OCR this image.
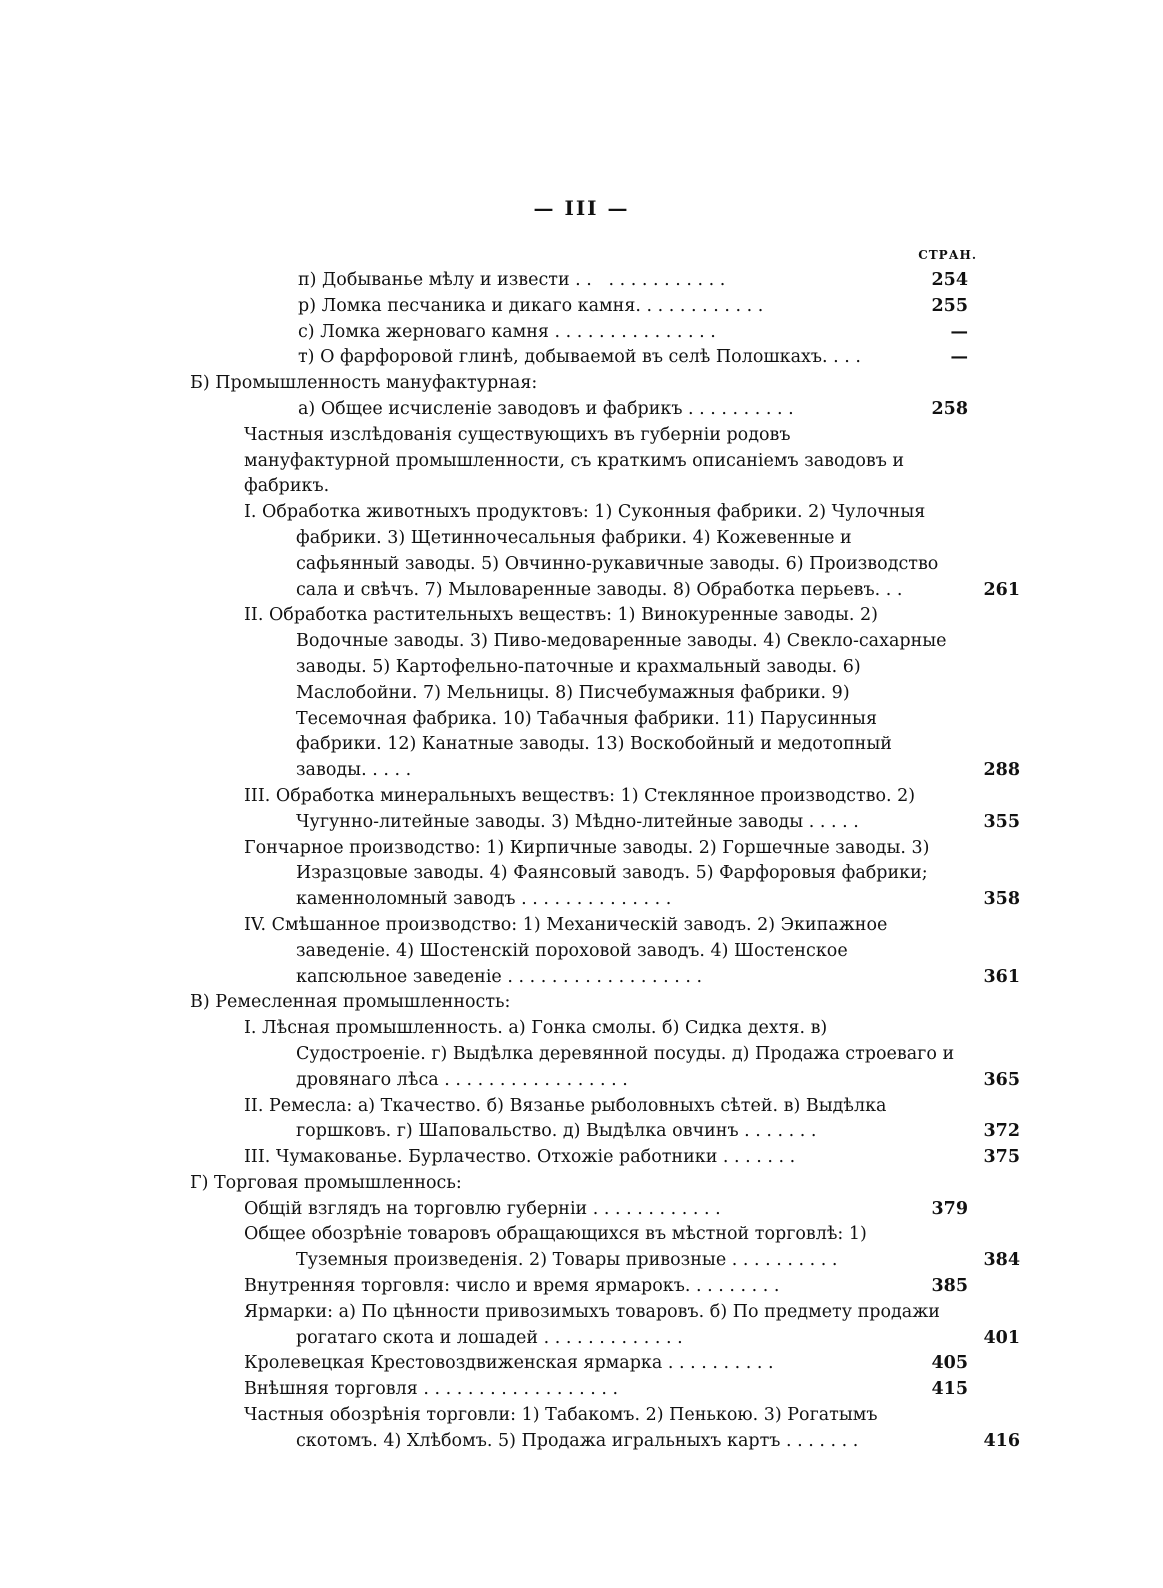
— III —
СТРАН.
п) Добыванье мѣлу и извести . .   . . . . . . . . . . .	254
р) Ломка песчаника и дикаго камня. . . . . . . . . . . .	255
с) Ломка жерноваго камня . . . . . . . . . . . . . . .	—
т) О фарфоровой глинѣ, добываемой въ селѣ Полошкахъ. . . .	—
Б) Промышленность мануфактурная:
а) Общее исчисленіе заводовъ и фабрикъ . . . . . . . . . .	258
Частныя изслѣдованія существующихъ въ губерніи родовъ мануфактурной промышленности, съ краткимъ описаніемъ заводовъ и фабрикъ.
I. Обработка животныхъ продуктовъ: 1) Суконныя фабрики. 2) Чулочныя фабрики. 3) Щетинночесальныя фабрики. 4) Кожевенные и сафьянный заводы. 5) Овчинно-рукавичные заводы. 6) Производство сала и свѣчъ. 7) Мыловаренные заводы. 8) Обработка перьевъ. . .	261
II. Обработка растительныхъ веществъ: 1) Винокуренные заводы. 2) Водочные заводы. 3) Пиво-медоваренные заводы. 4) Свекло-сахарные заводы. 5) Картофельно-паточные и крахмальный заводы. 6) Маслобойни. 7) Мельницы. 8) Писчебумажныя фабрики. 9) Тесемочная фабрика. 10) Табачныя фабрики. 11) Парусинныя фабрики. 12) Канатные заводы. 13) Воскобойный и медотопный заводы. . . . .	288
III. Обработка минеральныхъ веществъ: 1) Стеклянное производство. 2) Чугунно-литейные заводы. 3) Мѣдно-литейные заводы . . . . .	355
Гончарное производство: 1) Кирпичные заводы. 2) Горшечные заводы. 3) Изразцовые заводы. 4) Фаянсовый заводъ. 5) Фарфоровыя фабрики; каменноломный заводъ . . . . . . . . . . . . . .	358
IV. Смѣшанное производство: 1) Механическій заводъ. 2) Экипажное заведеніе. 4) Шостенскій пороховой заводъ. 4) Шостенское капсюльное заведеніе . . . . . . . . . . . . . . . . . .	361
В) Ремесленная промышленность:
I. Лѣсная промышленность. а) Гонка смолы. б) Сидка дехтя. в) Судостроеніе. г) Выдѣлка деревянной посуды. д) Продажа строеваго и дровянаго лѣса . . . . . . . . . . . . . . . . .	365
II. Ремесла: а) Ткачество. б) Вязанье рыболовныхъ сѣтей. в) Выдѣлка горшковъ. г) Шаповальство. д) Выдѣлка овчинъ . . . . . . .	372
III. Чумакованье. Бурлачество. Отхожіе работники . . . . . . .	375
Г) Торговая промышленнось:
Общій взглядъ на торговлю губерніи . . . . . . . . . . . .	379
Общее обозрѣніе товаровъ обращающихся въ мѣстной торговлѣ: 1) Туземныя произведенія. 2) Товары привозные . . . . . . . . . .	384
Внутренняя торговля: число и время ярмарокъ. . . . . . . . .	385
Ярмарки: а) По цѣнности привозимыхъ товаровъ. б) По предмету продажи рогатаго скота и лошадей . . . . . . . . . . . . .	401
Кролевецкая Крестовоздвиженская ярмарка . . . . . . . . . .	405
Внѣшняя торговля . . . . . . . . . . . . . . . . . .	415
Частныя обозрѣнія торговли: 1) Табакомъ. 2) Пенькою. 3) Рогатымъ скотомъ. 4) Хлѣбомъ. 5) Продажа игральныхъ картъ . . . . . . .	416
